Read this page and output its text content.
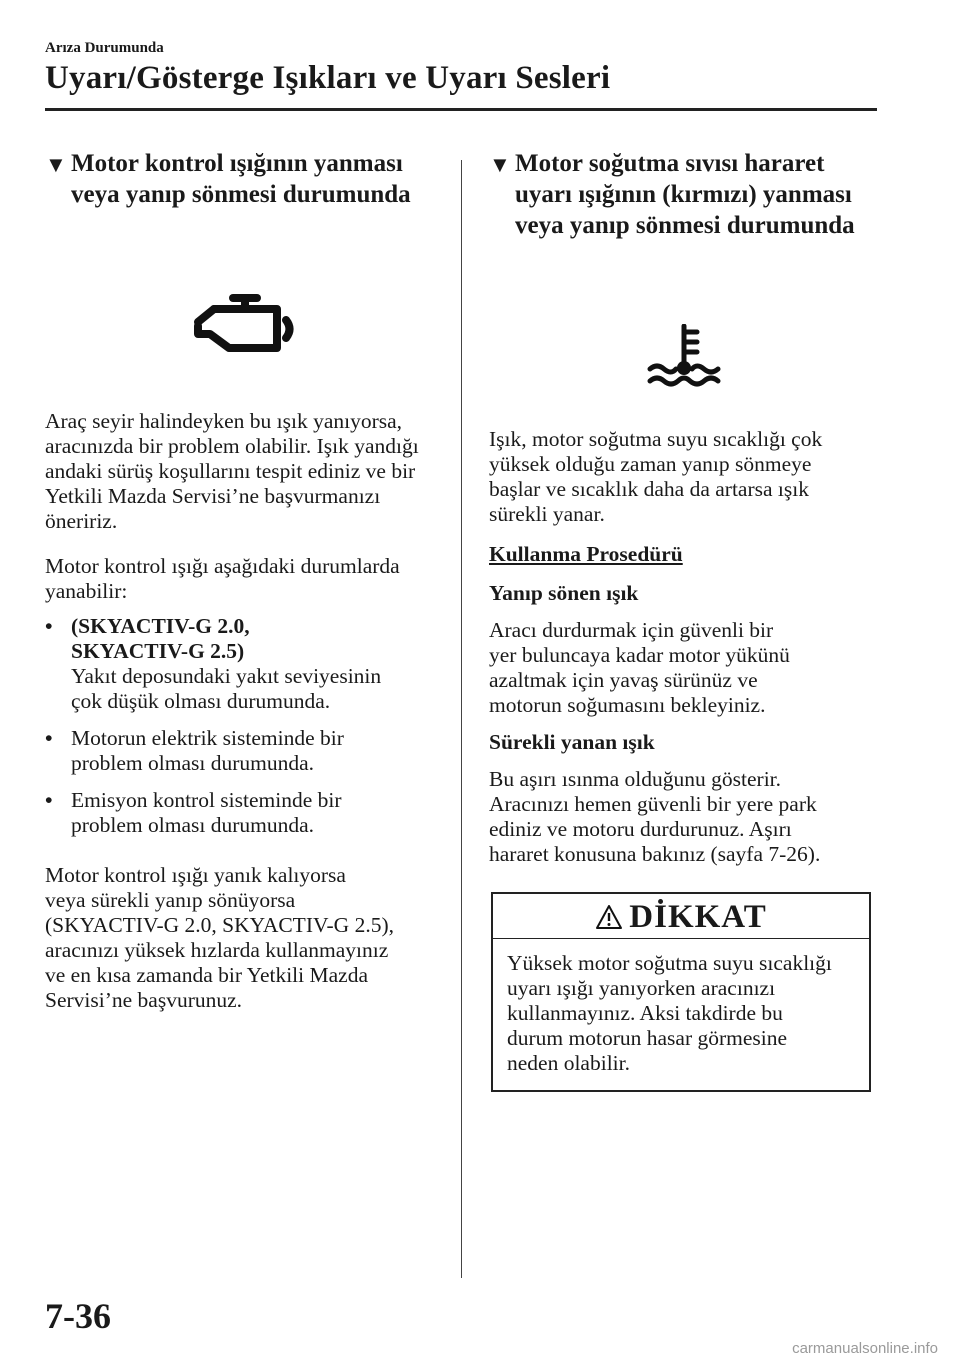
Arıza Durumunda
Uyarı/Gösterge Işıkları ve Uyarı Sesleri
▼ Motor kontrol ışığının yanması
veya yanıp sönmesi durumunda

Araç seyir halindeyken bu ışık yanıyorsa,
aracınızda bir problem olabilir. Işık yandığı
andaki sürüş koşullarını tespit ediniz ve bir
Yetkili Mazda Servisi’ne başvurmanızı
öneririz.

Motor kontrol ışığı aşağıdaki durumlarda
yanabilir:

• (SKYACTIV-G 2.0,
SKYACTIV-G 2.5)
Yakıt deposundaki yakıt seviyesinin
çok düşük olması durumunda.
• Motorun elektrik sisteminde bir
problem olması durumunda.
• Emisyon kontrol sisteminde bir
problem olması durumunda.

Motor kontrol ışığı yanık kalıyorsa
veya sürekli yanıp sönüyorsa
(SKYACTIV-G 2.0, SKYACTIV-G 2.5),
aracınızı yüksek hızlarda kullanmayınız
ve en kısa zamanda bir Yetkili Mazda
Servisi’ne başvurunuz.

▼ Motor soğutma sıvısı hararet
uyarı ışığının (kırmızı) yanması
veya yanıp sönmesi durumunda

Işık, motor soğutma suyu sıcaklığı çok
yüksek olduğu zaman yanıp sönmeye
başlar ve sıcaklık daha da artarsa ışık
sürekli yanar.

Kullanma Prosedürü

Yanıp sönen ışık

Aracı durdurmak için güvenli bir
yer buluncaya kadar motor yükünü
azaltmak için yavaş sürünüz ve
motorun soğumasını bekleyiniz.

Sürekli yanan ışık

Bu aşırı ısınma olduğunu gösterir.
Aracınızı hemen güvenli bir yere park
ediniz ve motoru durdurunuz. Aşırı
hararet konusuna bakınız (sayfa 7-26).

DİKKAT
Yüksek motor soğutma suyu sıcaklığı
uyarı ışığı yanıyorken aracınızı
kullanmayınız. Aksi takdirde bu
durum motorun hasar görmesine
neden olabilir.
7-36
carmanualsonline.info
